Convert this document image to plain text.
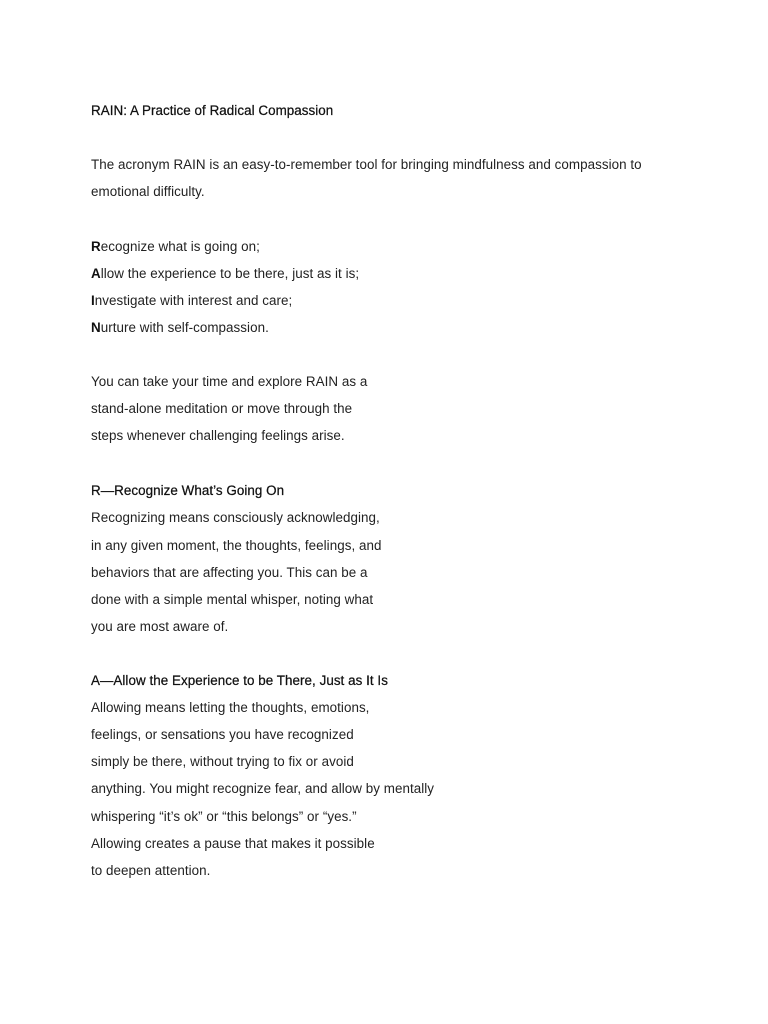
RAIN: A Practice of Radical Compassion
The acronym RAIN is an easy-to-remember tool for bringing mindfulness and compassion to
emotional difficulty.
Recognize what is going on;
Allow the experience to be there, just as it is;
Investigate with interest and care;
Nurture with self-compassion.
You can take your time and explore RAIN as a
stand-alone meditation or move through the
steps whenever challenging feelings arise.
R—Recognize What’s Going On
Recognizing means consciously acknowledging,
in any given moment, the thoughts, feelings, and
behaviors that are affecting you. This can be a
done with a simple mental whisper, noting what
you are most aware of.
A—Allow the Experience to be There, Just as It Is
Allowing means letting the thoughts, emotions,
feelings, or sensations you have recognized
simply be there, without trying to fix or avoid
anything. You might recognize fear, and allow by mentally
whispering “it’s ok” or “this belongs” or “yes.”
Allowing creates a pause that makes it possible
to deepen attention.
